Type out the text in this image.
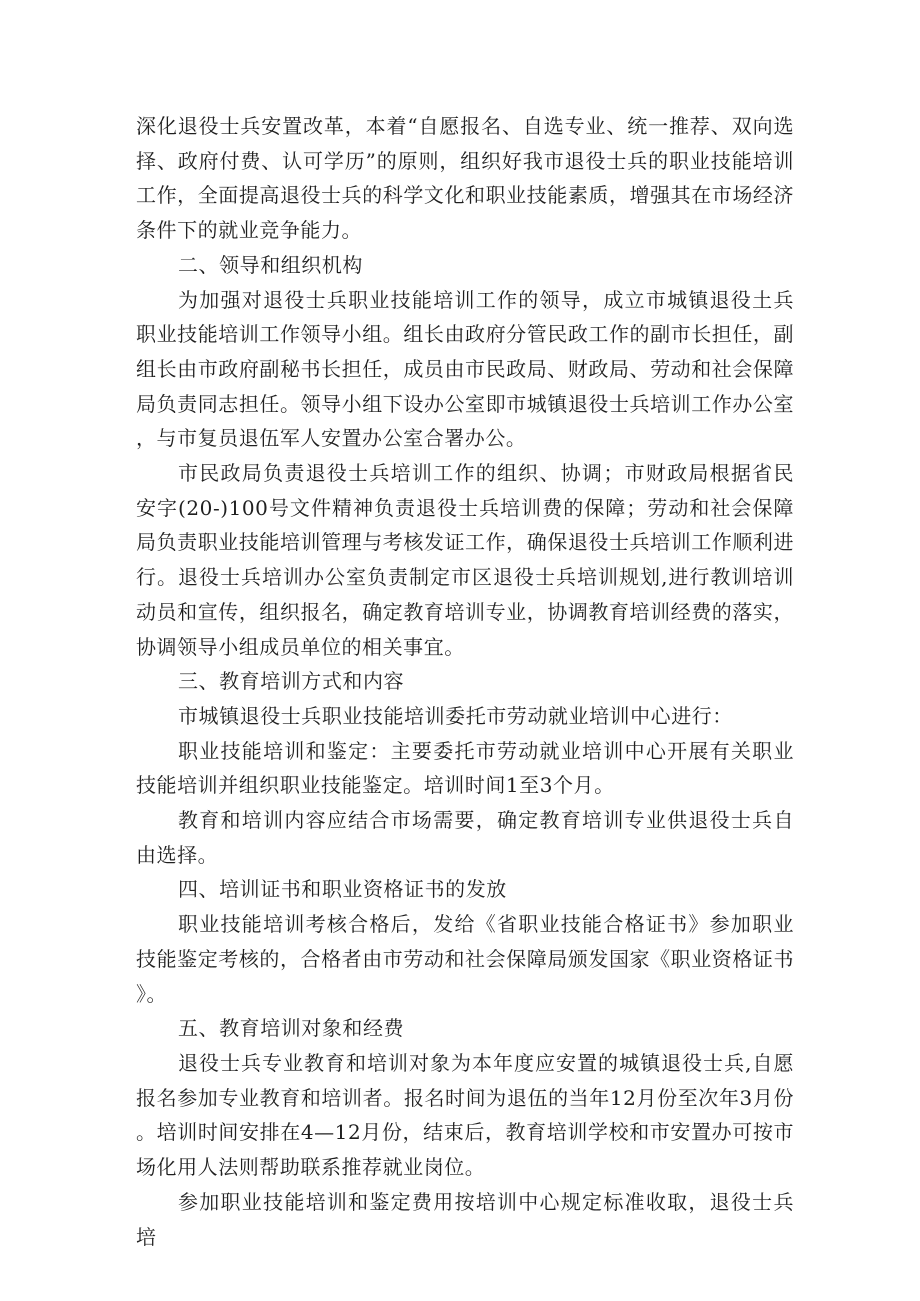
深化退役士兵安置改革，本着“自愿报名、自选专业、统一推荐、双向选择、政府付费、认可学历”的原则，组织好我市退役士兵的职业技能培训工作，全面提高退役士兵的科学文化和职业技能素质，增强其在市场经济条件下的就业竞争能力。

二、领导和组织机构

为加强对退役士兵职业技能培训工作的领导，成立市城镇退役土兵职业技能培训工作领导小组。组长由政府分管民政工作的副市长担任，副组长由市政府副秘书长担任，成员由市民政局、财政局、劳动和社会保障局负责同志担任。领导小组下设办公室即市城镇退役士兵培训工作办公室，与市复员退伍军人安置办公室合署办公。

市民政局负责退役士兵培训工作的组织、协调；市财政局根据省民安字(20-)100号文件精神负责退役士兵培训费的保障；劳动和社会保障局负责职业技能培训管理与考核发证工作，确保退役士兵培训工作顺利进行。退役士兵培训办公室负责制定市区退役士兵培训规划,进行教训培训动员和宣传，组织报名，确定教育培训专业，协调教育培训经费的落实，协调领导小组成员单位的相关事宜。

三、教育培训方式和内容

市城镇退役士兵职业技能培训委托市劳动就业培训中心进行：

职业技能培训和鉴定：主要委托市劳动就业培训中心开展有关职业技能培训并组织职业技能鉴定。培训时间1至3个月。

教育和培训内容应结合市场需要，确定教育培训专业供退役士兵自由选择。

四、培训证书和职业资格证书的发放

职业技能培训考核合格后，发给《省职业技能合格证书》参加职业技能鉴定考核的，合格者由市劳动和社会保障局颁发国家《职业资格证书》。

五、教育培训对象和经费

退役士兵专业教育和培训对象为本年度应安置的城镇退役士兵,自愿报名参加专业教育和培训者。报名时间为退伍的当年12月份至次年3月份。培训时间安排在4—12月份，结束后，教育培训学校和市安置办可按市场化用人法则帮助联系推荐就业岗位。

参加职业技能培训和鉴定费用按培训中心规定标准收取，退役士兵培
